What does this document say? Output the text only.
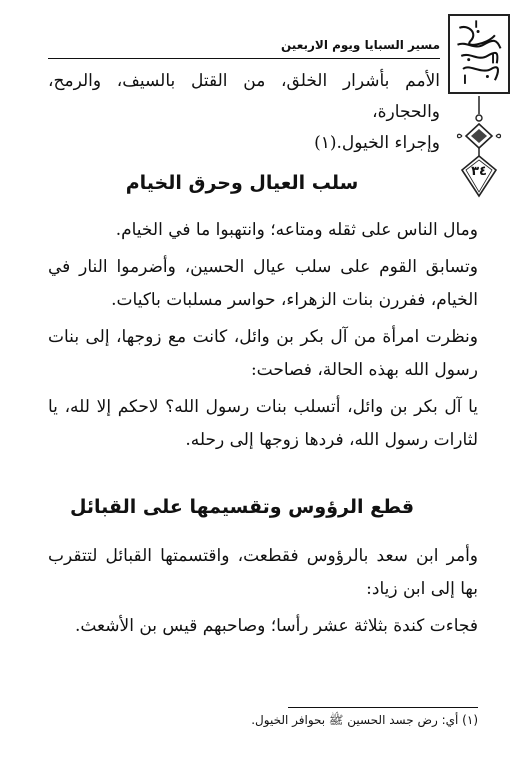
٣٤
مسير السبايا ويوم الاربعين

الأمم بأشرار الخلق، من القتل بالسيف، والرمح، والحجارة،

وإجراء الخيول.(١)

سلب العيال وحرق الخيام

ومال الناس على ثقله ومتاعه؛ وانتهبوا ما في الخيام.

وتسابق القوم على سلب عيال الحسين، وأضرموا النار في الخيام، ففررن بنات الزهراء، حواسر مسلبات باكيات.

ونظرت امرأة من آل بكر بن وائل، كانت مع زوجها، إلى بنات رسول الله بهذه الحالة، فصاحت:

يا آل بكر بن وائل، أتسلب بنات رسول الله؟ لاحكم إلا لله، يا لثارات رسول الله، فردها زوجها إلى رحله.

قطع الرؤوس وتقسيمها على القبائل

وأمر ابن سعد بالرؤوس فقطعت، واقتسمتها القبائل لتتقرب بها إلى ابن زياد:

فجاءت كندة بثلاثة عشر رأسا؛ وصاحبهم قيس بن الأشعث.

(١) أي: رض جسد الحسين ﷺ بحوافر الخيول.
